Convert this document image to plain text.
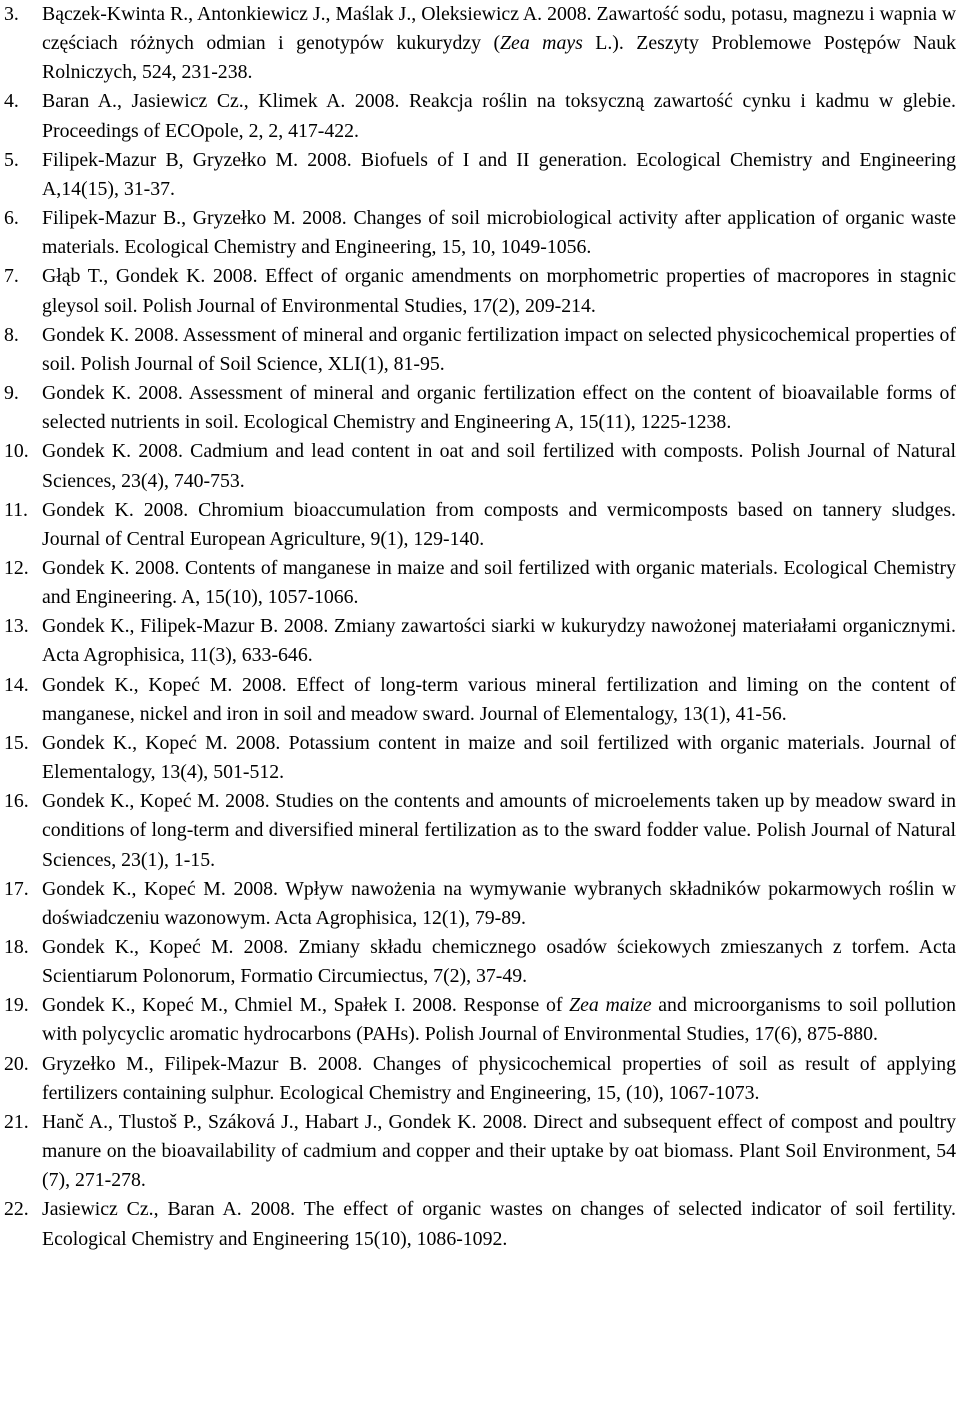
3. Bączek-Kwinta R., Antonkiewicz J., Maślak J., Oleksiewicz A. 2008. Zawartość sodu, potasu, magnezu i wapnia w częściach różnych odmian i genotypów kukurydzy (Zea mays L.). Zeszyty Problemowe Postępów Nauk Rolniczych, 524, 231-238.
4. Baran A., Jasiewicz Cz., Klimek A. 2008. Reakcja roślin na toksyczną zawartość cynku i kadmu w glebie. Proceedings of ECOpole, 2, 2, 417-422.
5. Filipek-Mazur B, Gryzełko M. 2008. Biofuels of I and II generation. Ecological Chemistry and Engineering A,14(15), 31-37.
6. Filipek-Mazur B., Gryzełko M. 2008. Changes of soil microbiological activity after application of organic waste materials. Ecological Chemistry and Engineering, 15, 10, 1049-1056.
7. Głąb T., Gondek K. 2008. Effect of organic amendments on morphometric properties of macropores in stagnic gleysol soil. Polish Journal of Environmental Studies, 17(2), 209-214.
8. Gondek K. 2008. Assessment of mineral and organic fertilization impact on selected physicochemical properties of soil. Polish Journal of Soil Science, XLI(1), 81-95.
9. Gondek K. 2008. Assessment of mineral and organic fertilization effect on the content of bioavailable forms of selected nutrients in soil. Ecological Chemistry and Engineering A, 15(11), 1225-1238.
10. Gondek K. 2008. Cadmium and lead content in oat and soil fertilized with composts. Polish Journal of Natural Sciences, 23(4), 740-753.
11. Gondek K. 2008. Chromium bioaccumulation from composts and vermicomposts based on tannery sludges. Journal of Central European Agriculture, 9(1), 129-140.
12. Gondek K. 2008. Contents of manganese in maize and soil fertilized with organic materials. Ecological Chemistry and Engineering. A, 15(10), 1057-1066.
13. Gondek K., Filipek-Mazur B. 2008. Zmiany zawartości siarki w kukurydzy nawożonej materiałami organicznymi. Acta Agrophisica, 11(3), 633-646.
14. Gondek K., Kopeć M. 2008. Effect of long-term various mineral fertilization and liming on the content of manganese, nickel and iron in soil and meadow sward. Journal of Elementalogy, 13(1), 41-56.
15. Gondek K., Kopeć M. 2008. Potassium content in maize and soil fertilized with organic materials. Journal of Elementalogy, 13(4), 501-512.
16. Gondek K., Kopeć M. 2008. Studies on the contents and amounts of microelements taken up by meadow sward in conditions of long-term and diversified mineral fertilization as to the sward fodder value. Polish Journal of Natural Sciences, 23(1), 1-15.
17. Gondek K., Kopeć M. 2008. Wpływ nawożenia na wymywanie wybranych składników pokarmowych roślin w doświadczeniu wazonowym. Acta Agrophisica, 12(1), 79-89.
18. Gondek K., Kopeć M. 2008. Zmiany składu chemicznego osadów ściekowych zmieszanych z torfem. Acta Scientiarum Polonorum, Formatio Circumiectus, 7(2), 37-49.
19. Gondek K., Kopeć M., Chmiel M., Spałek I. 2008. Response of Zea maize and microorganisms to soil pollution with polycyclic aromatic hydrocarbons (PAHs). Polish Journal of Environmental Studies, 17(6), 875-880.
20. Gryzełko M., Filipek-Mazur B. 2008. Changes of physicochemical properties of soil as result of applying fertilizers containing sulphur. Ecological Chemistry and Engineering, 15, (10), 1067-1073.
21. Hanč A., Tlustoš P., Száková J., Habart J., Gondek K. 2008. Direct and subsequent effect of compost and poultry manure on the bioavailability of cadmium and copper and their uptake by oat biomass. Plant Soil Environment, 54 (7), 271-278.
22. Jasiewicz Cz., Baran A. 2008. The effect of organic wastes on changes of selected indicator of soil fertility. Ecological Chemistry and Engineering 15(10), 1086-1092.
